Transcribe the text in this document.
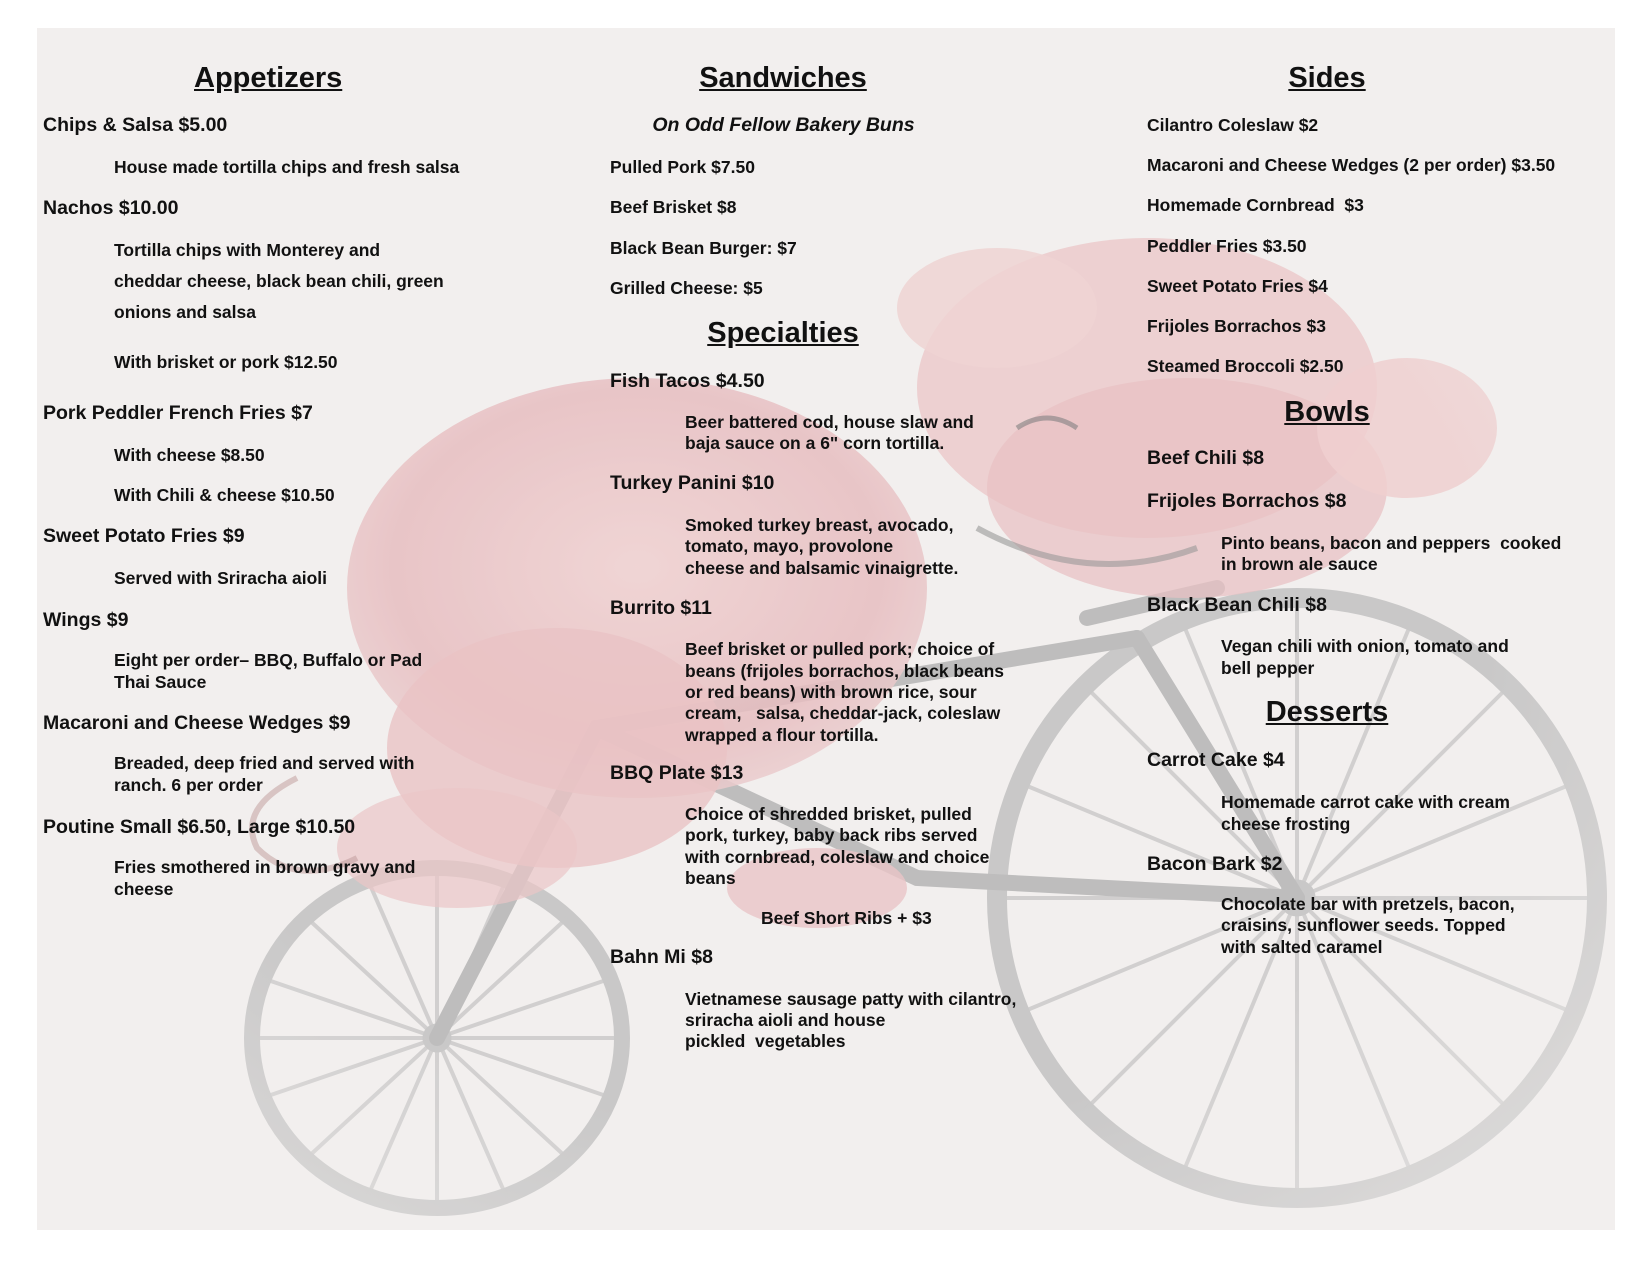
Appetizers
Chips & Salsa $5.00
House made tortilla chips and fresh salsa
Nachos $10.00
Tortilla chips with Monterey and
cheddar cheese, black bean chili, green
onions and salsa
With brisket or pork $12.50
Pork Peddler French Fries $7
With cheese $8.50
With Chili & cheese $10.50
Sweet Potato Fries $9
Served with Sriracha aioli
Wings $9
Eight per order– BBQ, Buffalo or Pad
Thai Sauce
Macaroni and Cheese Wedges $9
Breaded, deep fried and served with
ranch. 6 per order
Poutine Small $6.50, Large $10.50
Fries smothered in brown gravy and
cheese
Sandwiches
On Odd Fellow Bakery Buns
Pulled Pork $7.50
Beef Brisket $8
Black Bean Burger: $7
Grilled Cheese: $5
Specialties
Fish Tacos $4.50
Beer battered cod, house slaw and
baja sauce on a 6" corn tortilla.
Turkey Panini $10
Smoked turkey breast, avocado,
tomato, mayo, provolone
cheese and balsamic vinaigrette.
Burrito $11
Beef brisket or pulled pork; choice of
beans (frijoles borrachos, black beans
or red beans) with brown rice, sour
cream,   salsa, cheddar-jack, coleslaw
wrapped a flour tortilla.
BBQ Plate $13
Choice of shredded brisket, pulled
pork, turkey, baby back ribs served
with cornbread, coleslaw and choice
beans
Beef Short Ribs + $3
Bahn Mi $8
Vietnamese sausage patty with cilantro,
sriracha aioli and house
pickled  vegetables
Sides
Cilantro Coleslaw $2
Macaroni and Cheese Wedges (2 per order) $3.50
Homemade Cornbread  $3
Peddler Fries $3.50
Sweet Potato Fries $4
Frijoles Borrachos $3
Steamed Broccoli $2.50
Bowls
Beef Chili $8
Frijoles Borrachos $8
Pinto beans, bacon and peppers  cooked
in brown ale sauce
Black Bean Chili $8
Vegan chili with onion, tomato and
bell pepper
Desserts
Carrot Cake $4
Homemade carrot cake with cream
cheese frosting
Bacon Bark $2
Chocolate bar with pretzels, bacon,
craisins, sunflower seeds. Topped
with salted caramel
